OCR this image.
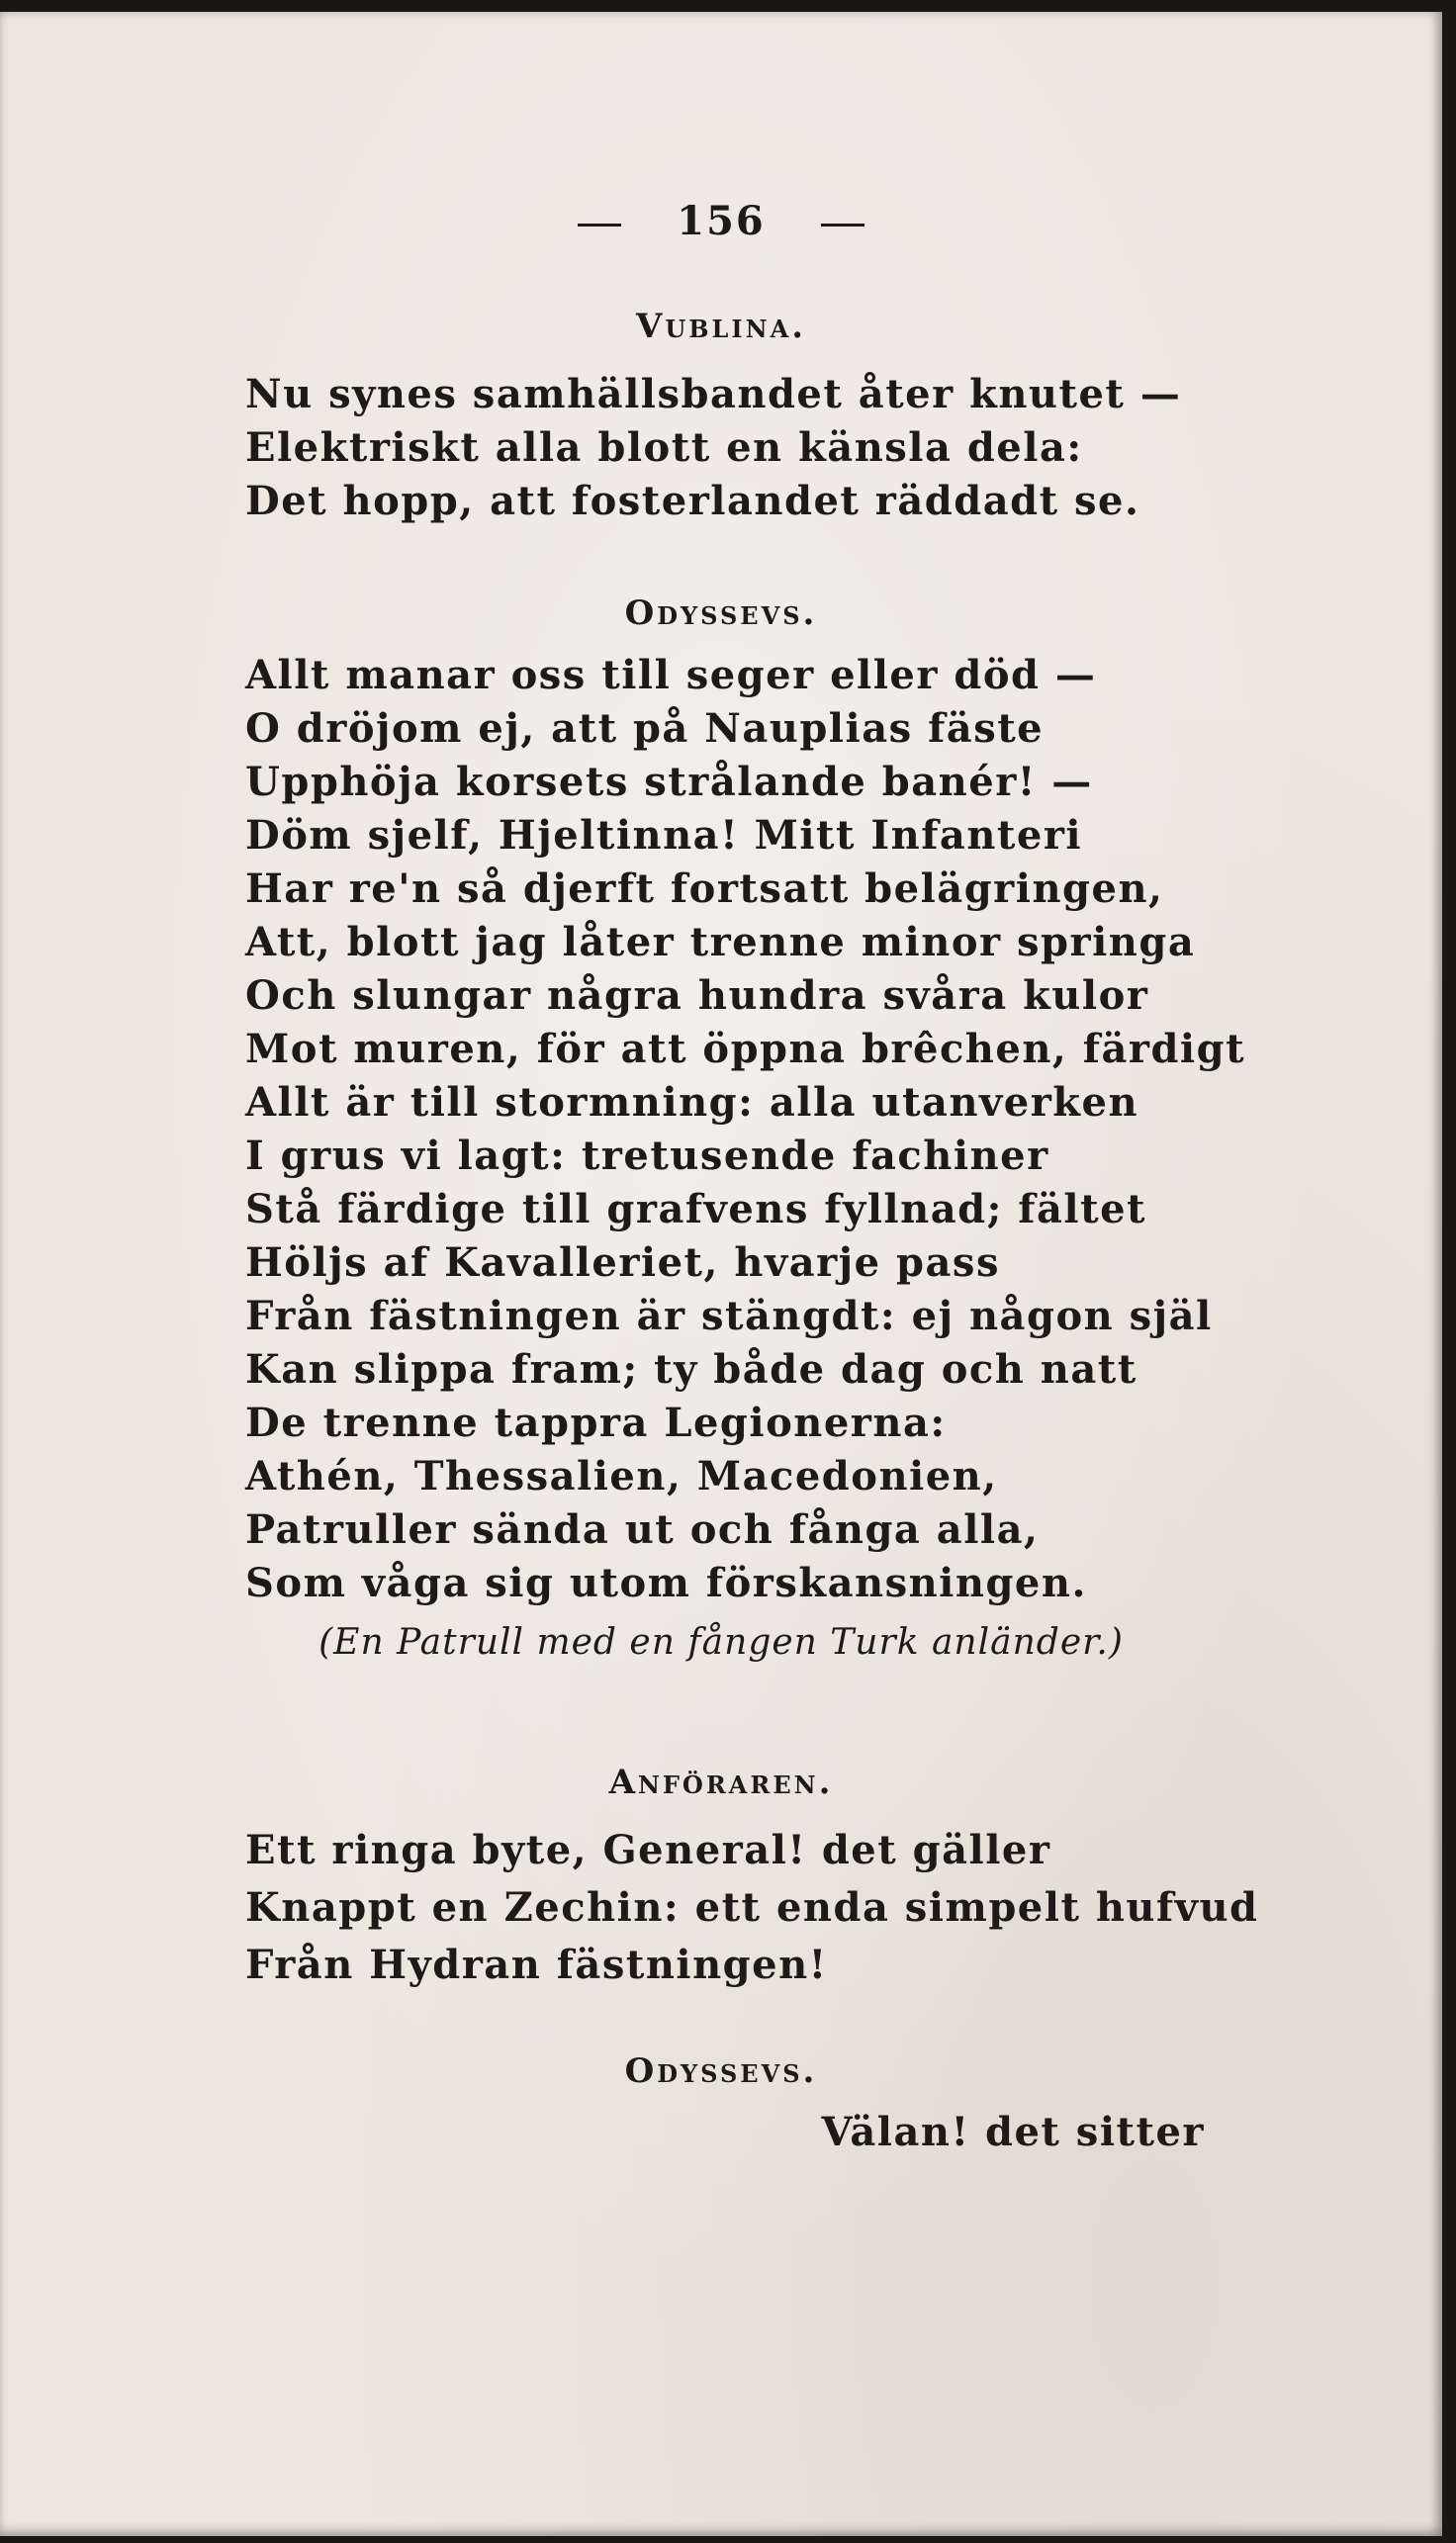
156
Vublina.
Nu synes samhällsbandet åter knutet —
Elektriskt alla blott en känsla dela:
Det hopp, att fosterlandet räddadt se.
Odyssevs.
Allt manar oss till seger eller död —
O dröjom ej, att på Nauplias fäste
Upphöja korsets strålande banér! —
Döm sjelf, Hjeltinna! Mitt Infanteri
Har re'n så djerft fortsatt belägringen,
Att, blott jag låter trenne minor springa
Och slungar några hundra svåra kulor
Mot muren, för att öppna brêchen, färdigt
Allt är till stormning: alla utanverken
I grus vi lagt: tretusende fachiner
Stå färdige till grafvens fyllnad; fältet
Höljs af Kavalleriet, hvarje pass
Från fästningen är stängdt: ej någon själ
Kan slippa fram; ty både dag och natt
De trenne tappra Legionerna:
Athén, Thessalien, Macedonien,
Patruller sända ut och fånga alla,
Som våga sig utom förskansningen.
(En Patrull med en fången Turk anländer.)
Anföraren.
Ett ringa byte, General! det gäller
Knappt en Zechin: ett enda simpelt hufvud
Från Hydran fästningen!
Odyssevs.
Välan! det sitter
